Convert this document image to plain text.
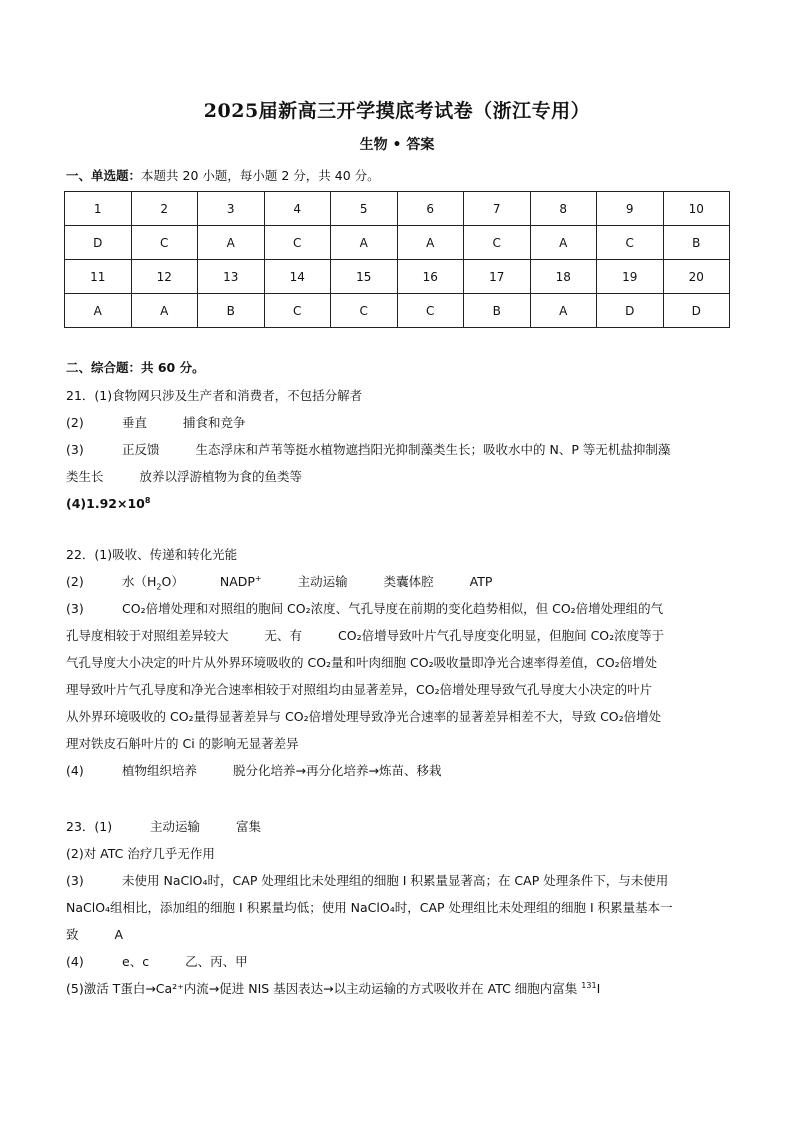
2025届新高三开学摸底考试卷（浙江专用）
生物 • 答案
一、单选题：本题共 20 小题，每小题 2 分，共 40 分。
1	2	3	4	5	6	7	8	9	10
D	C	A	C	A	A	C	A	C	B
11	12	13	14	15	16	17	18	19	20
A	A	B	C	C	C	B	A	D	D
二、综合题：共 60 分。
21．(1)食物网只涉及生产者和消费者，不包括分解者
(2)	垂直	捕食和竞争
(3)	正反馈	生态浮床和芦苇等挺水植物遮挡阳光抑制藻类生长；吸收水中的 N、P 等无机盐抑制藻
类生长	放养以浮游植物为食的鱼类等
$(4)1.92\times 10^8$
22．(1)吸收、传递和转化光能
(2)	水$(H_2O)$	NADP+	主动运输	类囊体腔	ATP
(3)	CO₂倍增处理和对照组的胞间 CO₂浓度、气孔导度在前期的变化趋势相似，但 CO₂倍增处理组的气
孔导度相较于对照组差异较大	无、有	CO₂倍增导致叶片气孔导度变化明显，但胞间 CO₂浓度等于
气孔导度大小决定的叶片从外界环境吸收的 CO₂量和叶肉细胞 CO₂吸收量即净光合速率得差值，CO₂倍增处
理导致叶片气孔导度和净光合速率相较于对照组均由显著差异，CO₂倍增处理导致气孔导度大小决定的叶片
从外界环境吸收的 CO₂量得显著差异与 CO₂倍增处理导致净光合速率的显著差异相差不大，导致 CO₂倍增处
理对铁皮石斛叶片的 Ci 的影响无显著差异
(4)	植物组织培养	脱分化培养→再分化培养→炼苗、移栽
23．(1)	主动运输	富集
(2)对 ATC 治疗几乎无作用
(3)	未使用 NaClO₄时，CAP 处理组比未处理组的细胞 I 积累量显著高；在 CAP 处理条件下，与未使用
NaClO₄组相比，添加组的细胞 I 积累量均低；使用 NaClO₄时，CAP 处理组比未处理组的细胞 I 积累量基本一
致	A
(4)	e、c	乙、丙、甲
(5)激活 T蛋白→Ca²⁺内流→促进 NIS 基因表达→以主动运输的方式吸收并在 ATC 细胞内富集 $^{131}$I
